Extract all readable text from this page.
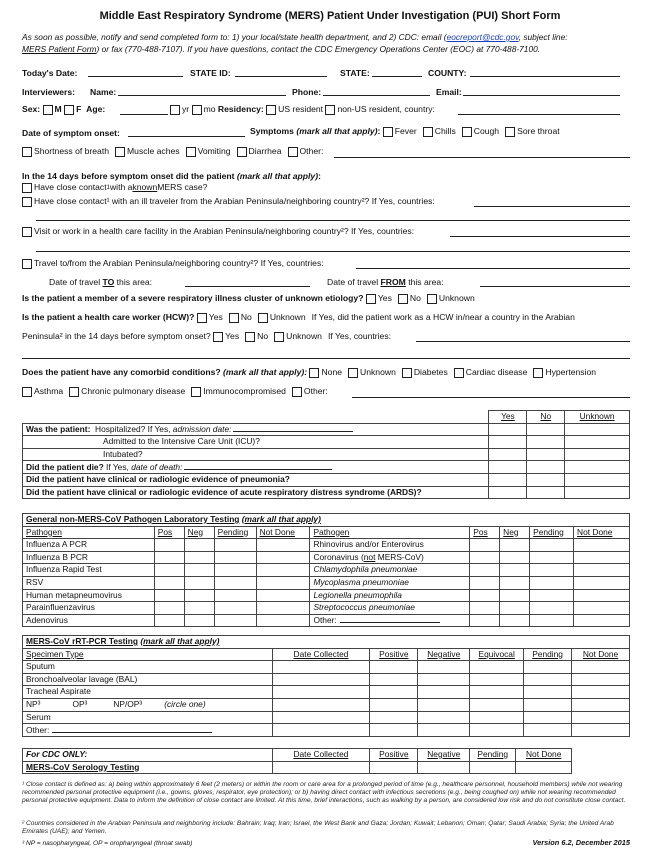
Middle East Respiratory Syndrome (MERS) Patient Under Investigation (PUI) Short Form
As soon as possible, notify and send completed form to: 1) your local/state health department, and 2) CDC: email (eocreport@cdc.gov, subject line:
MERS Patient Form) or fax (770-488-7107). If you have questions, contact the CDC Emergency Operations Center (EOC) at 770-488-7100.
Today's Date:	STATE ID:	STATE:	COUNTY:
Interviewers: Name:	Phone:	Email:
Sex:
M
F
Age:	yr
mo
Residency:
US resident
non-US resident, country:
Date of symptom onset:	Symptoms
(mark all that apply) :
Fever Chills Cough Sore throat
Shortness of breath Muscle aches Vomiting Diarrhea Other:
In the 14 days before symptom onset did the patient (mark all that apply):
Have close contact 1 with a known MERS case?
Have close contact¹ with an ill traveler from the Arabian Peninsula/neighboring country²? If Yes, countries:
Visit or work in a health care facility in the Arabian Peninsula/neighboring country²? If Yes, countries:
Travel to/from the Arabian Peninsula/neighboring country²? If Yes, countries:
Date of travel TO this area:	Date of travel FROM this area:
Is the patient a member of a severe respiratory illness cluster of unknown etiology?
Yes No Unknown
Is the patient a health care worker (HCW)?
Yes No Unknown If Yes, did the patient work as a HCW in/near a country in the Arabian
Peninsula² in the 14 days before symptom onset?
Yes No Unknown If Yes, countries:
Does the patient have any comorbid conditions?
(mark all that apply):
None Unknown Diabetes Cardiac disease Hypertension
Asthma Chronic pulmonary disease Immunocompromised Other:
	Yes	No	Unknown
Was the patient: Hospitalized? If Yes, admission date:			
Admitted to the Intensive Care Unit (ICU)?			
Intubated?			
Did the patient die? If Yes, date of death:			
Did the patient have clinical or radiologic evidence of pneumonia?			
Did the patient have clinical or radiologic evidence of acute respiratory distress syndrome (ARDS)?			
General non-MERS-CoV Pathogen Laboratory Testing (mark all that apply)									
Pathogen	Pos	Neg	Pending	Not Done	Pathogen	Pos	Neg	Pending	Not Done
Influenza A PCR					Rhinovirus and/or Enterovirus				
Influenza B PCR					Coronavirus (not MERS-CoV)				
Influenza Rapid Test					Chlamydophila pneumoniae				
RSV					Mycoplasma pneumoniae				
Human metapneumovirus					Legionella pneumophila				
Parainfluenzavirus					Streptococcus pneumoniae				
Adenovirus					Other:				
MERS-CoV rRT-PCR Testing (mark all that apply)						
Specimen Type	Date Collected	Positive	Negative	Equivocal	Pending	Not Done
Sputum						
Bronchoalveolar lavage (BAL)						
Tracheal Aspirate						
NP³ OP³ NP/OP³ (circle one)						
Serum						
Other:						
For CDC ONLY:	Date Collected	Positive	Negative	Pending	Not Done	
MERS-CoV Serology Testing						
¹ Close contact is defined as: a) being within approximately 6 feet (2 meters) or within the room or care area for a prolonged period of time (e.g., healthcare personnel, household members) while not wearing recommended personal protective equipment (i.e., gowns, gloves, respirator, eye protection); or b) having direct contact with infectious secretions (e.g., being coughed on) while not wearing recommended personal protective equipment. Data to inform the definition of close contact are limited. At this time, brief interactions, such as walking by a person, are considered low risk and do not constitute close contact.
² Countries considered in the Arabian Peninsula and neighboring include: Bahrain; Iraq; Iran; Israel, the West Bank and Gaza; Jordan; Kuwait; Lebanon; Oman; Qatar; Saudi Arabia; Syria; the United Arab Emirates (UAE); and Yemen.
³ NP = nasopharyngeal, OP = oropharyngeal (throat swab)	Version 6.2, December 2015
